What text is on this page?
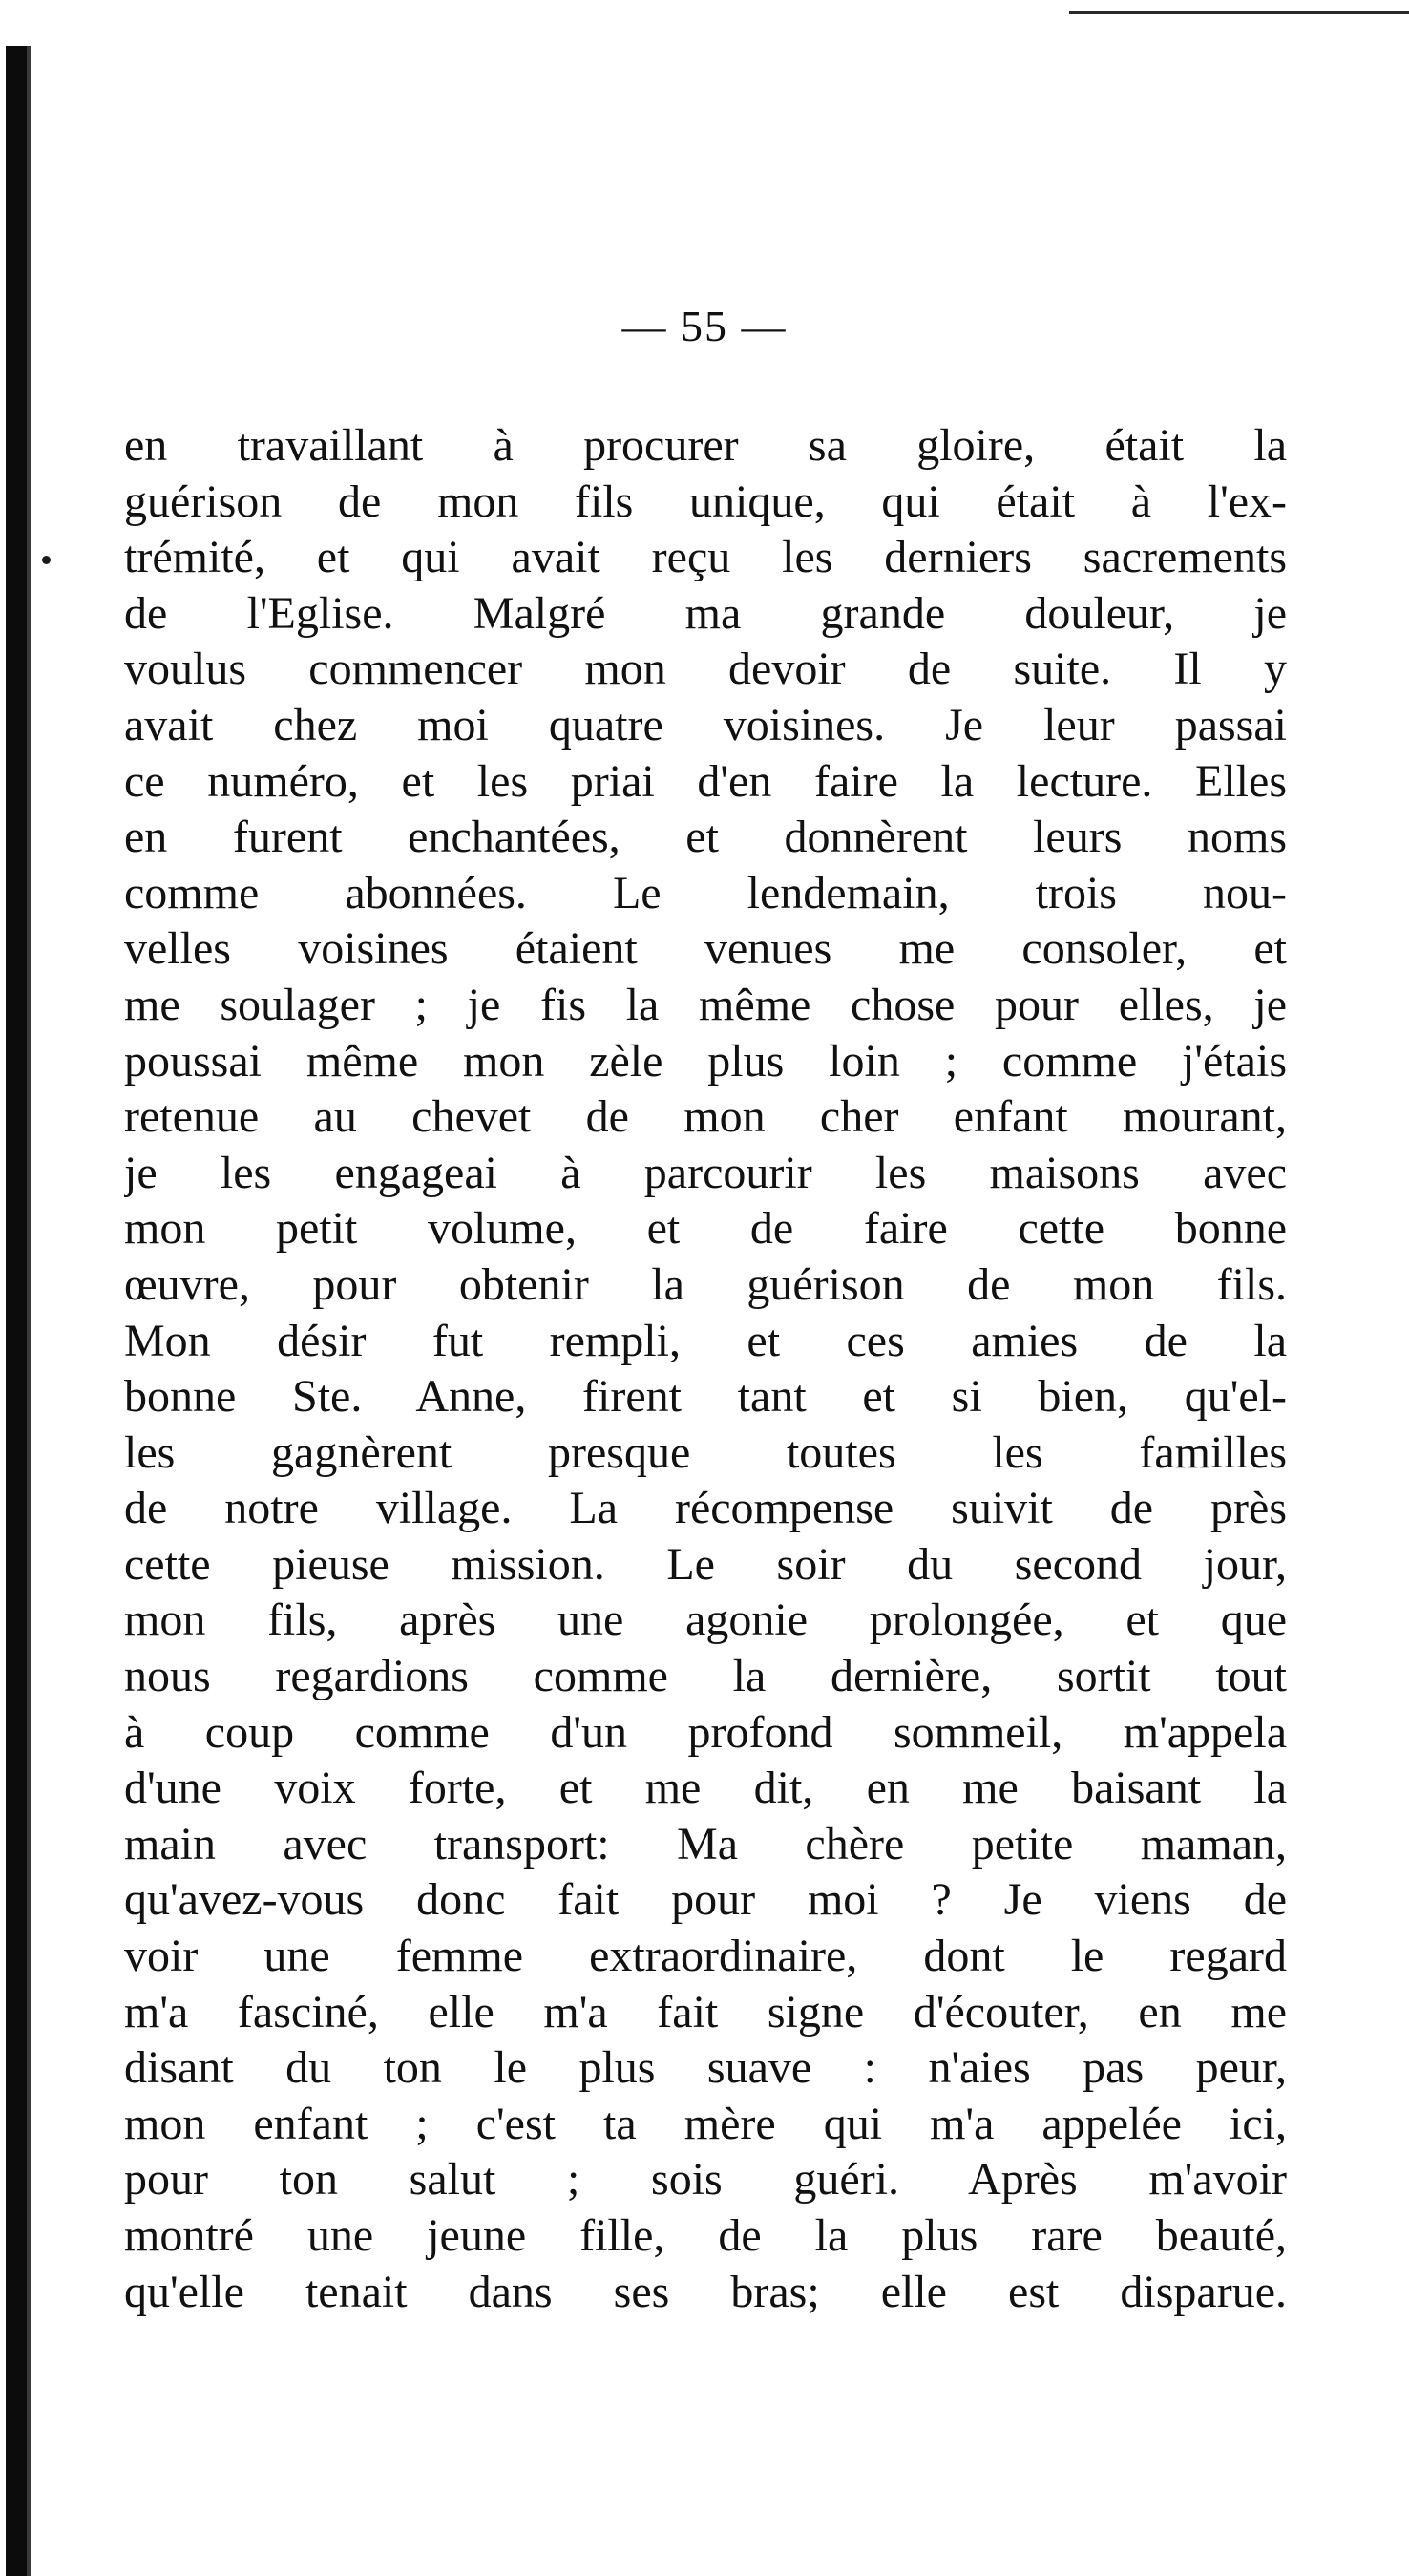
— 55 —
en travaillant à procurer sa gloire, était la
guérison de mon fils unique, qui était à l'ex-
trémité, et qui avait reçu les derniers sacrements
de l'Eglise. Malgré ma grande douleur, je
voulus commencer mon devoir de suite. Il y
avait chez moi quatre voisines. Je leur passai
ce numéro, et les priai d'en faire la lecture. Elles
en furent enchantées, et donnèrent leurs noms
comme abonnées. Le lendemain, trois nou-
velles voisines étaient venues me consoler, et
me soulager ; je fis la même chose pour elles, je
poussai même mon zèle plus loin ; comme j'étais
retenue au chevet de mon cher enfant mourant,
je les engageai à parcourir les maisons avec
mon petit volume, et de faire cette bonne
œuvre, pour obtenir la guérison de mon fils.
Mon désir fut rempli, et ces amies de la
bonne Ste. Anne, firent tant et si bien, qu'el-
les gagnèrent presque toutes les familles
de notre village. La récompense suivit de près
cette pieuse mission. Le soir du second jour,
mon fils, après une agonie prolongée, et que
nous regardions comme la dernière, sortit tout
à coup comme d'un profond sommeil, m'appela
d'une voix forte, et me dit, en me baisant la
main avec transport: Ma chère petite maman,
qu'avez-vous donc fait pour moi ? Je viens de
voir une femme extraordinaire, dont le regard
m'a fasciné, elle m'a fait signe d'écouter, en me
disant du ton le plus suave : n'aies pas peur,
mon enfant ; c'est ta mère qui m'a appelée ici,
pour ton salut ; sois guéri. Après m'avoir
montré une jeune fille, de la plus rare beauté,
qu'elle tenait dans ses bras; elle est disparue.
